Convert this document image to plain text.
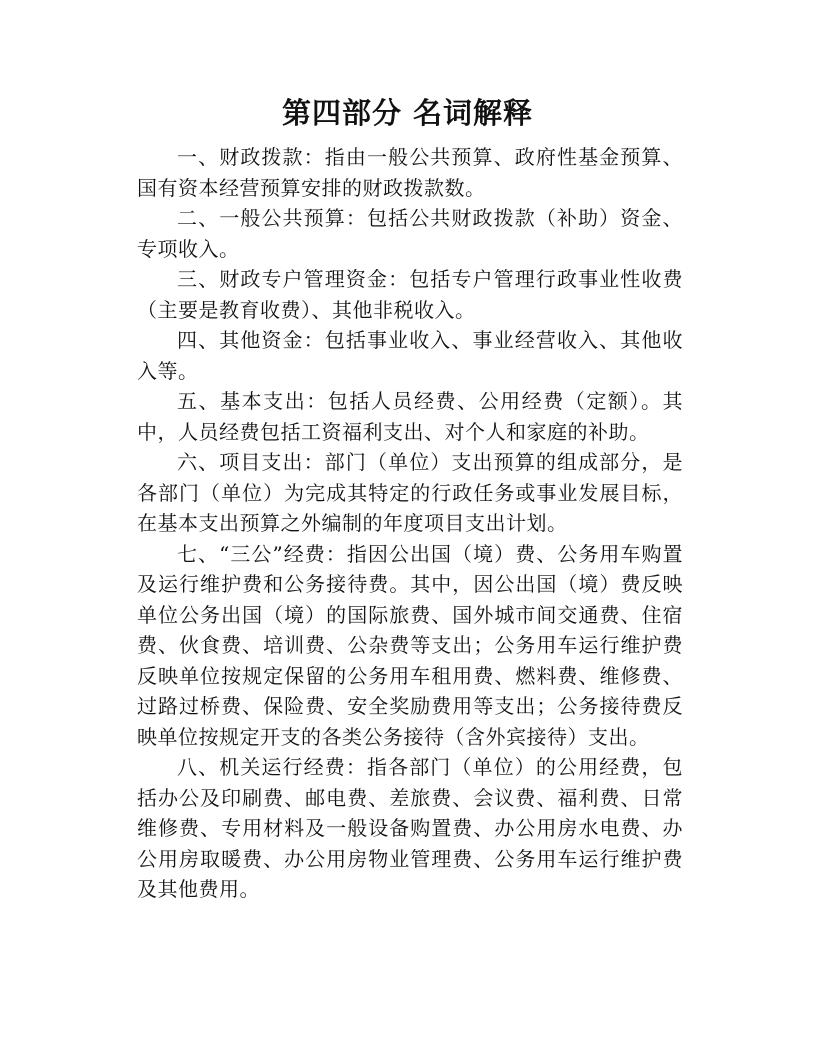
第四部分 名词解释

一、财政拨款：指由一般公共预算、政府性基金预算、国有资本经营预算安排的财政拨款数。

二、一般公共预算：包括公共财政拨款（补助）资金、专项收入。

三、财政专户管理资金：包括专户管理行政事业性收费（主要是教育收费）、其他非税收入。

四、其他资金：包括事业收入、事业经营收入、其他收入等。

五、基本支出：包括人员经费、公用经费（定额）。其中，人员经费包括工资福利支出、对个人和家庭的补助。

六、项目支出：部门（单位）支出预算的组成部分，是各部门（单位）为完成其特定的行政任务或事业发展目标，在基本支出预算之外编制的年度项目支出计划。

七、“三公”经费：指因公出国（境）费、公务用车购置及运行维护费和公务接待费。其中，因公出国（境）费反映单位公务出国（境）的国际旅费、国外城市间交通费、住宿费、伙食费、培训费、公杂费等支出；公务用车运行维护费反映单位按规定保留的公务用车租用费、燃料费、维修费、过路过桥费、保险费、安全奖励费用等支出；公务接待费反映单位按规定开支的各类公务接待（含外宾接待）支出。

八、机关运行经费：指各部门（单位）的公用经费，包括办公及印刷费、邮电费、差旅费、会议费、福利费、日常维修费、专用材料及一般设备购置费、办公用房水电费、办公用房取暖费、办公用房物业管理费、公务用车运行维护费及其他费用。
